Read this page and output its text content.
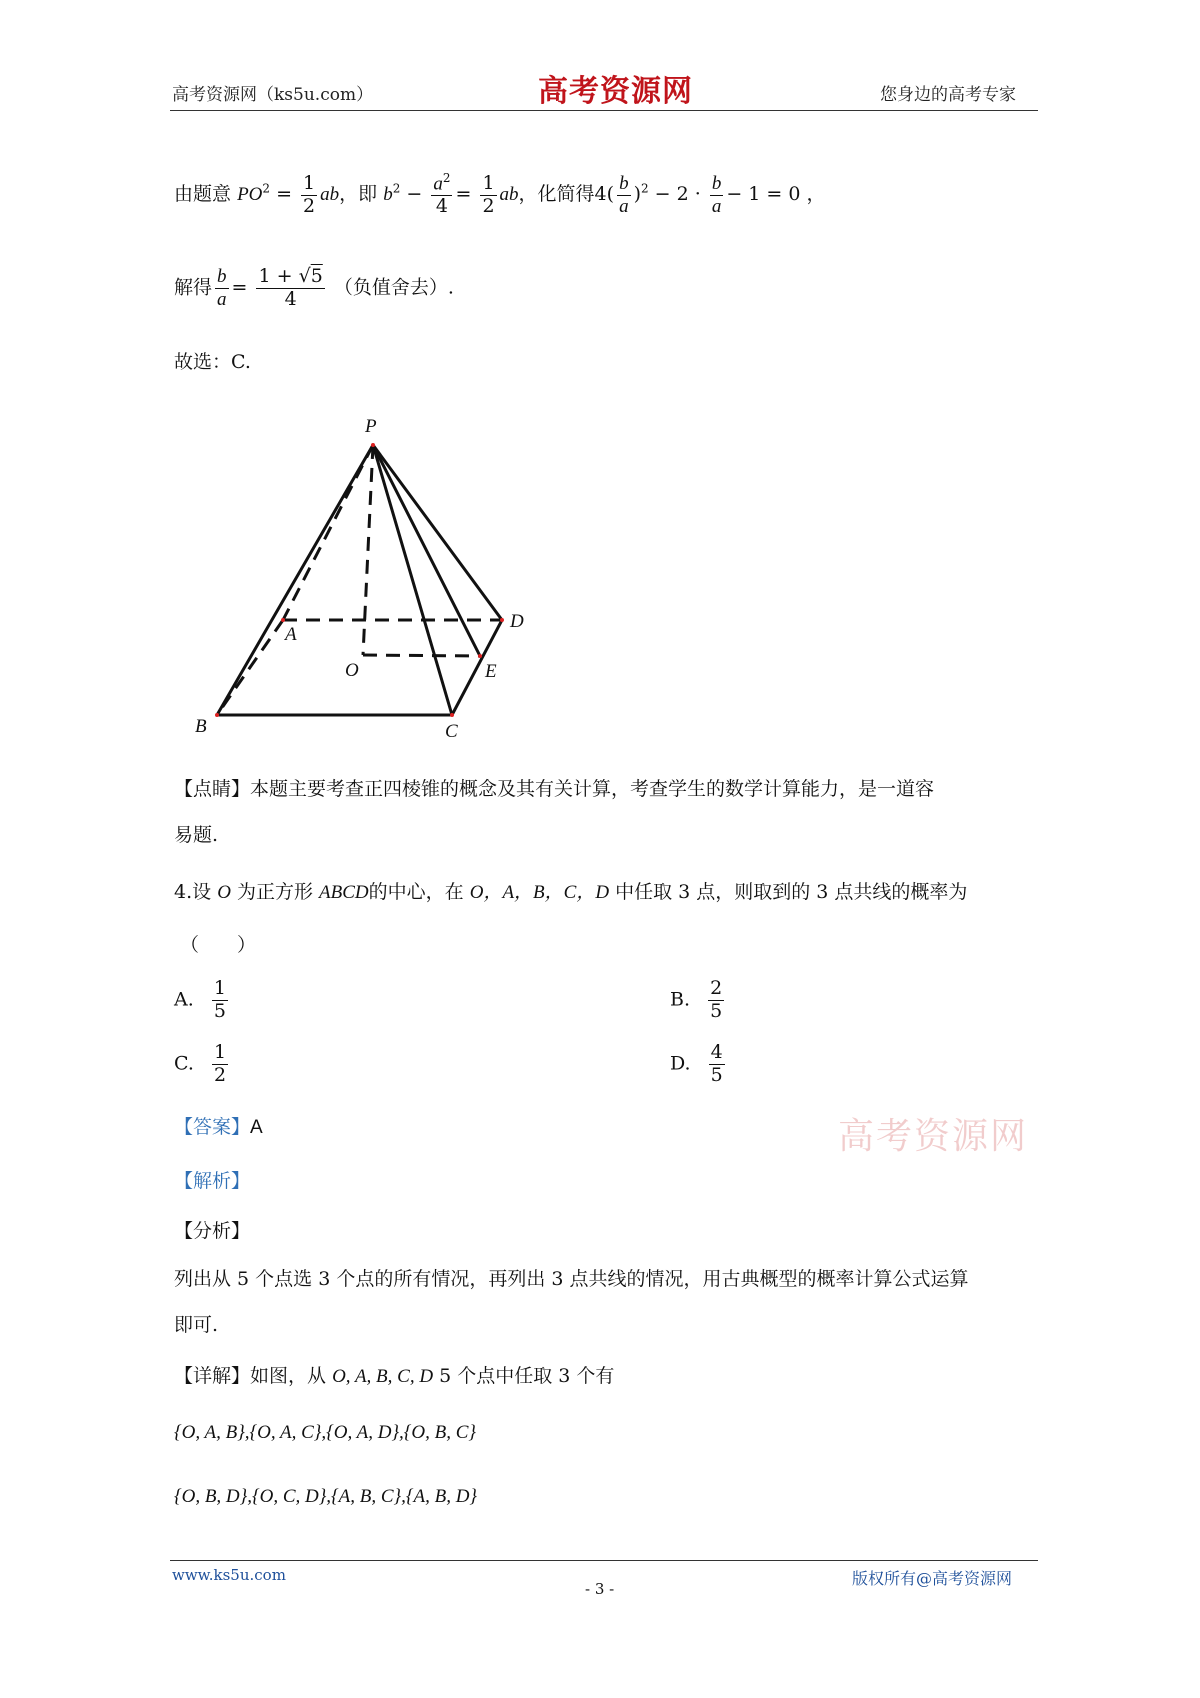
高考资源网（ks5u.com）	高考资源网	您身边的高考专家
由题意 $PO^2 = \frac{1}{2}$ ab，即 $b^2 - \frac{a^2}{4} = \frac{1}{2}$ ab，化简得$4( \frac{b}{a} )^2 - 2 \cdot \frac{b}{a} - 1 = 0$ ，
解得 $\frac{b}{a} = \frac{1 + √5}{4}$ （负值舍去）.
故选：C.
P
A
D
O	E
B	C
【点睛】本题主要考查正四棱锥的概念及其有关计算，考查学生的数学计算能力，是一道容
易题.
4.设 O 为正方形 ABCD的中心，在 O，A，B，C，D 中任取 3 点，则取到的 3 点共线的概率为
（　　）
A. $\frac{1}{5}$	B. $\frac{2}{5}$
C. $\frac{1}{2}$	D. $\frac{4}{5}$
【答案】A	高考资源网
【解析】
【分析】
列出从 5 个点选 3 个点的所有情况，再列出 3 点共线的情况，用古典概型的概率计算公式运算
即可.
【详解】如图，从 O, A, B, C, D 5 个点中任取 3 个有
{O, A, B},{O, A, C},{O, A, D},{O, B, C}
{O, B, D},{O, C, D},{A, B, C},{A, B, D}
www.ks5u.com
- 3 -
版权所有@高考资源网
